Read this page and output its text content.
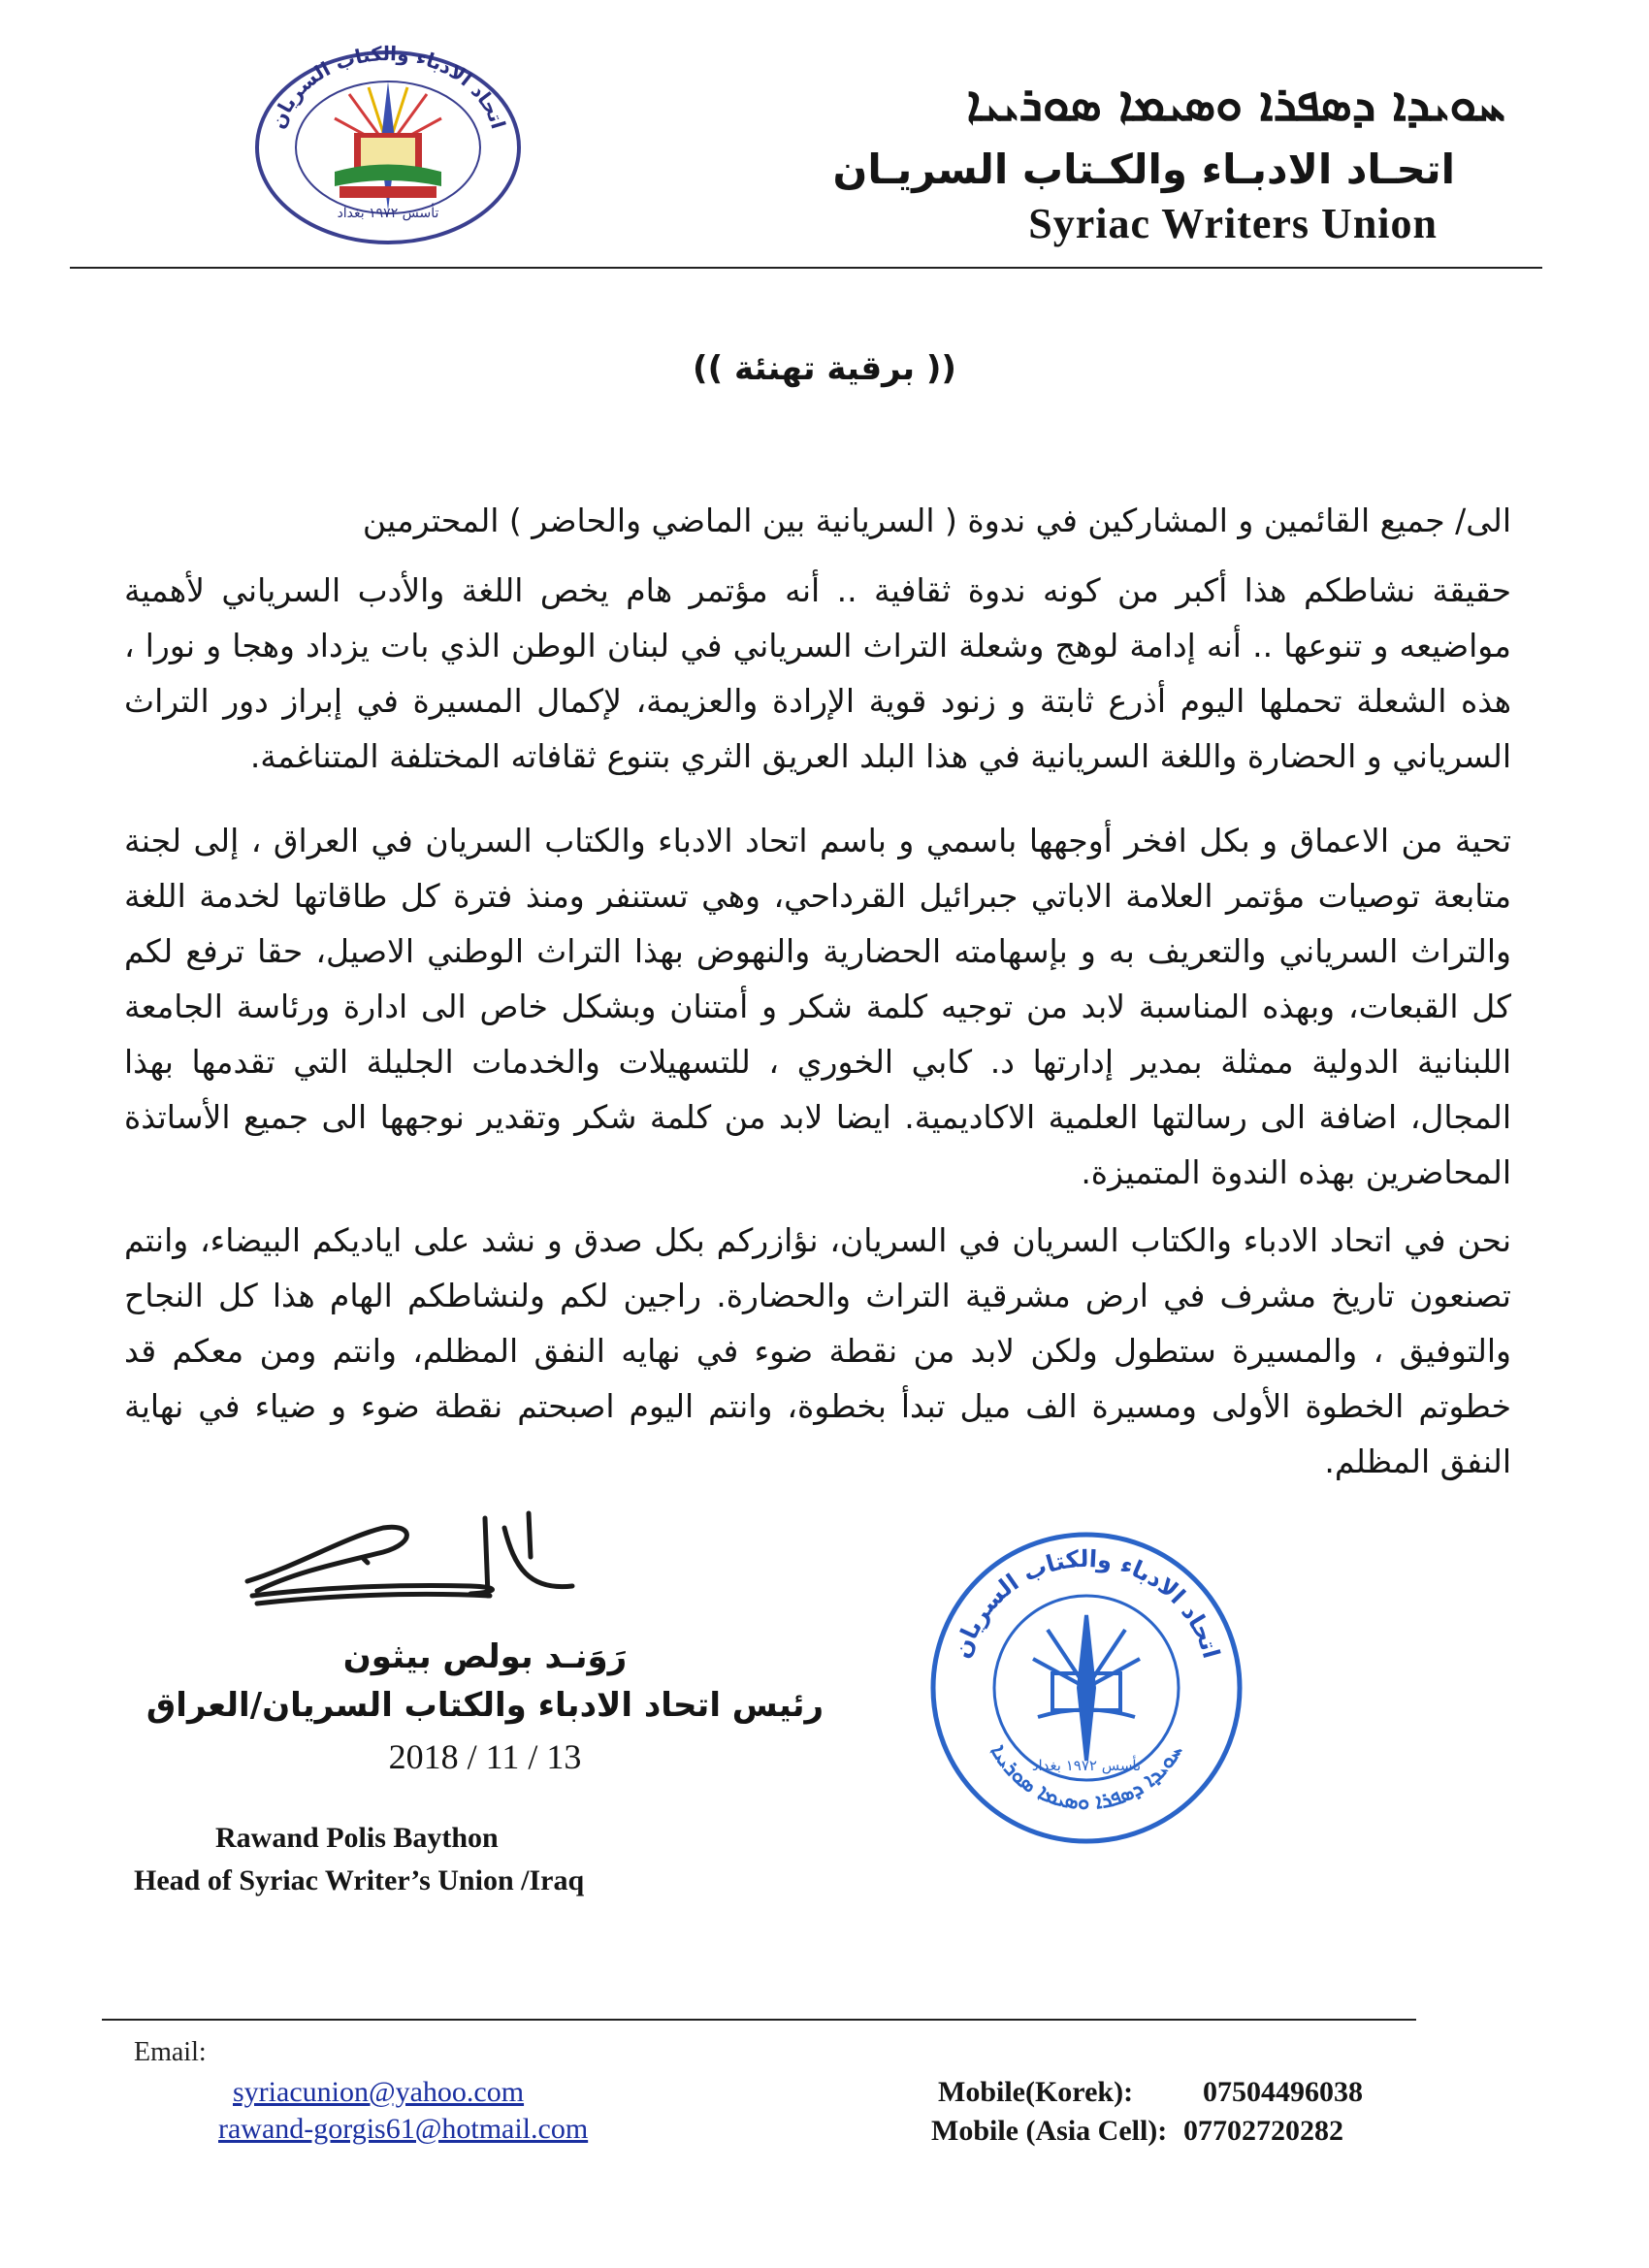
ܚܘܝܕܐ ܕܣܦܪܐ ܘܣܝܡܐ ܣܘܪܝܝܐ
اتحـاد الادبـاء والكـتاب السريـان
Syriac Writers Union
اتحاد الادباء والكتاب السريان
تأسس ١٩٧٢ بغداد
(( برقية تهنئة ))
الى/ جميع القائمين و المشاركين في ندوة ( السريانية بين الماضي والحاضر ) المحترمين
حقيقة نشاطكم هذا أكبر من كونه ندوة ثقافية .. أنه مؤتمر هام يخص اللغة والأدب السرياني لأهمية مواضيعه و تنوعها .. أنه إدامة لوهج وشعلة التراث السرياني في لبنان الوطن الذي بات يزداد وهجا و نورا ، هذه الشعلة تحملها اليوم أذرع ثابتة و زنود قوية الإرادة والعزيمة، لإكمال المسيرة في إبراز دور التراث السرياني و الحضارة واللغة السريانية في هذا البلد العريق الثري بتنوع ثقافاته المختلفة المتناغمة.
تحية من الاعماق و بكل افخر أوجهها باسمي و باسم اتحاد الادباء والكتاب السريان في العراق ، إلى لجنة متابعة توصيات مؤتمر العلامة الاباتي جبرائيل القرداحي، وهي تستنفر ومنذ فترة كل طاقاتها لخدمة اللغة والتراث السرياني والتعريف به و بإسهامته الحضارية والنهوض بهذا التراث الوطني الاصيل، حقا ترفع لكم كل القبعات، وبهذه المناسبة لابد من توجيه كلمة شكر و أمتنان وبشكل خاص الى ادارة ورئاسة الجامعة اللبنانية الدولية ممثلة بمدير إدارتها د. كابي الخوري ، للتسهيلات والخدمات الجليلة التي تقدمها بهذا المجال، اضافة الى رسالتها العلمية الاكاديمية. ايضا لابد من كلمة شكر وتقدير نوجهها الى جميع الأساتذة المحاضرين بهذه الندوة المتميزة.
نحن في اتحاد الادباء والكتاب السريان في السريان، نؤازركم بكل صدق و نشد على اياديكم البيضاء، وانتم تصنعون تاريخ مشرف في ارض مشرقية التراث والحضارة. راجين لكم ولنشاطكم الهام هذا كل النجاح والتوفيق ، والمسيرة ستطول ولكن لابد من نقطة ضوء في نهايه النفق المظلم، وانتم ومن معكم قد خطوتم الخطوة الأولى ومسيرة الف ميل تبدأ بخطوة، وانتم اليوم اصبحتم نقطة ضوء و ضياء في نهاية النفق المظلم.
رَوَنـد بولص بيثون
رئيس اتحاد الادباء والكتاب السريان/العراق
2018 / 11 / 13
Rawand Polis Baython
Head of Syriac Writer’s Union /Iraq
اتحاد الادباء والكتاب السريان
ܚܘܝܕܐ ܕܣܦܪܐ ܘܣܝܡܐ ܣܘܪܝܝܐ
تأسس ١٩٧٢ بغداد
Email:
syriacunion@yahoo.com
rawand-gorgis61@hotmail.com
Mobile(Korek): 07504496038
Mobile (Asia Cell): 07702720282
